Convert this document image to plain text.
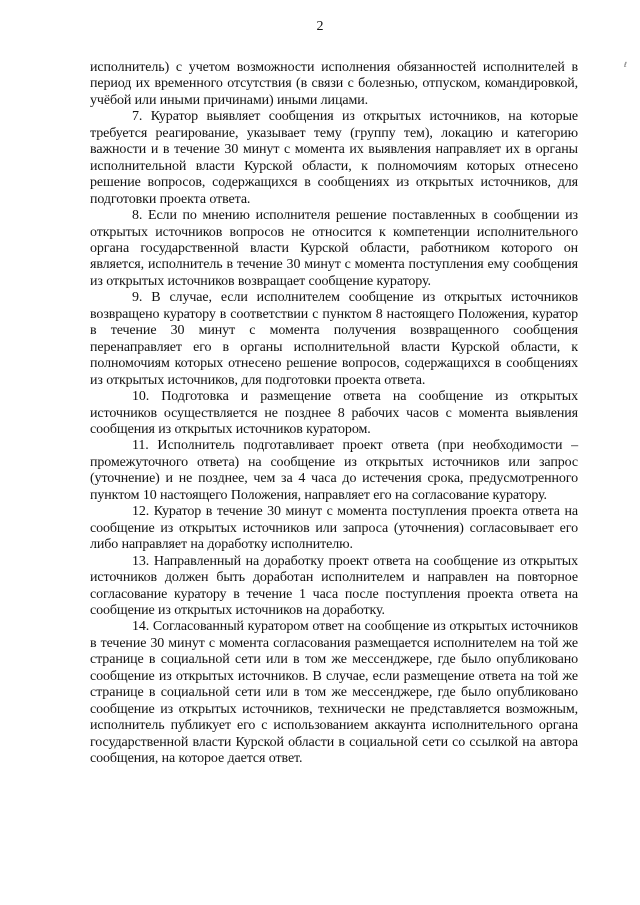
2
ℓ

исполнитель) с учетом возможности исполнения обязанностей исполнителей в период их временного отсутствия (в связи с болезнью, отпуском, командировкой, учёбой или иными причинами) иными лицами.

7. Куратор выявляет сообщения из открытых источников, на которые требуется реагирование, указывает тему (группу тем), локацию и категорию важности и в течение 30 минут с момента их выявления направляет их в органы исполнительной власти Курской области, к полномочиям которых отнесено решение вопросов, содержащихся в сообщениях из открытых источников, для подготовки проекта ответа.

8. Если по мнению исполнителя решение поставленных в сообщении из открытых источников вопросов не относится к компетенции исполнительного органа государственной власти Курской области, работником которого он является, исполнитель в течение 30 минут с момента поступления ему сообщения из открытых источников возвращает сообщение куратору.

9. В случае, если исполнителем сообщение из открытых источников возвращено куратору в соответствии с пунктом 8 настоящего Положения, куратор в течение 30 минут с момента получения возвращенного сообщения перенаправляет его в органы исполнительной власти Курской области, к полномочиям которых отнесено решение вопросов, содержащихся в сообщениях из открытых источников, для подготовки проекта ответа.

10. Подготовка и размещение ответа на сообщение из открытых источников осуществляется не позднее 8 рабочих часов с момента выявления сообщения из открытых источников куратором.

11. Исполнитель подготавливает проект ответа (при необходимости – промежуточного ответа) на сообщение из открытых источников или запрос (уточнение) и не позднее, чем за 4 часа до истечения срока, предусмотренного пунктом 10 настоящего Положения, направляет его на согласование куратору.

12. Куратор в течение 30 минут с момента поступления проекта ответа на сообщение из открытых источников или запроса (уточнения) согласовывает его либо направляет на доработку исполнителю.

13. Направленный на доработку проект ответа на сообщение из открытых источников должен быть доработан исполнителем и направлен на повторное согласование куратору в течение 1 часа после поступления проекта ответа на сообщение из открытых источников на доработку.

14. Согласованный куратором ответ на сообщение из открытых источников в течение 30 минут с момента согласования размещается исполнителем на той же странице в социальной сети или в том же мессенджере, где было опубликовано сообщение из открытых источников. В случае, если размещение ответа на той же странице в социальной сети или в том же мессенджере, где было опубликовано сообщение из открытых источников, технически не представляется возможным, исполнитель публикует его с использованием аккаунта исполнительного органа государственной власти Курской области в социальной сети со ссылкой на автора сообщения, на которое дается ответ.
